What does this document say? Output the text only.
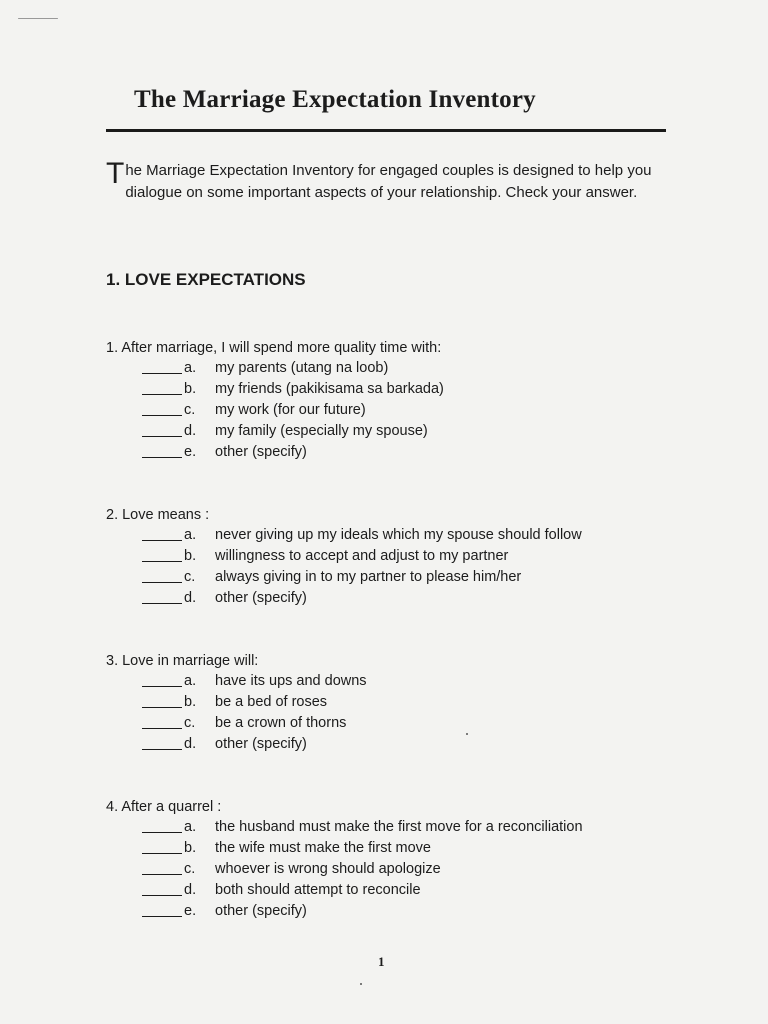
The Marriage Expectation Inventory

The Marriage Expectation Inventory for engaged couples is designed to help you dialogue on some important aspects of your relationship. Check your answer.

1. LOVE EXPECTATIONS

1. After marriage, I will spend more quality time with:

a. my parents (utang na loob)
b. my friends (pakikisama sa barkada)
c. my work (for our future)
d. my family (especially my spouse)
e. other (specify)

2. Love means :

a. never giving up my ideals which my spouse should follow
b. willingness to accept and adjust to my partner
c. always giving in to my partner to please him/her
d. other (specify)

3. Love in marriage will:

a. have its ups and downs
b. be a bed of roses
c. be a crown of thorns
d. other (specify)

4. After a quarrel :

a. the husband must make the first move for a reconciliation
b. the wife must make the first move
c. whoever is wrong should apologize
d. both should attempt to reconcile
e. other (specify)
1
